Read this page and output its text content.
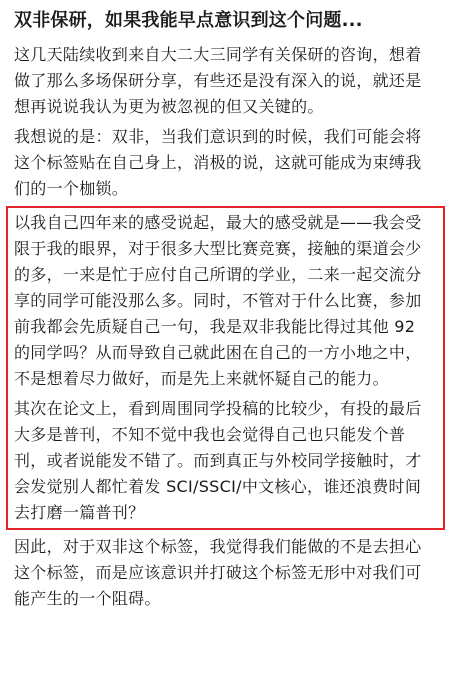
双非保研，如果我能早点意识到这个问题...

这几天陆续收到来自大二大三同学有关保研的咨询，想着做了那么多场保研分享，有些还是没有深入的说，就还是想再说说我认为更为被忽视的但又关键的。

我想说的是：双非，当我们意识到的时候，我们可能会将这个标签贴在自己身上，消极的说，这就可能成为束缚我们的一个枷锁。

以我自己四年来的感受说起，最大的感受就是——我会受限于我的眼界，对于很多大型比赛竞赛，接触的渠道会少的多，一来是忙于应付自己所谓的学业，二来一起交流分享的同学可能没那么多。同时，不管对于什么比赛，参加前我都会先质疑自己一句，我是双非我能比得过其他 92 的同学吗？从而导致自己就此困在自己的一方小地之中，不是想着尽力做好，而是先上来就怀疑自己的能力。

其次在论文上，看到周围同学投稿的比较少，有投的最后大多是普刊，不知不觉中我也会觉得自己也只能发个普刊，或者说能发不错了。而到真正与外校同学接触时，才会发觉别人都忙着发 SCI/SSCI/中文核心，谁还浪费时间去打磨一篇普刊？

因此，对于双非这个标签，我觉得我们能做的不是去担心这个标签，而是应该意识并打破这个标签无形中对我们可能产生的一个阻碍。
